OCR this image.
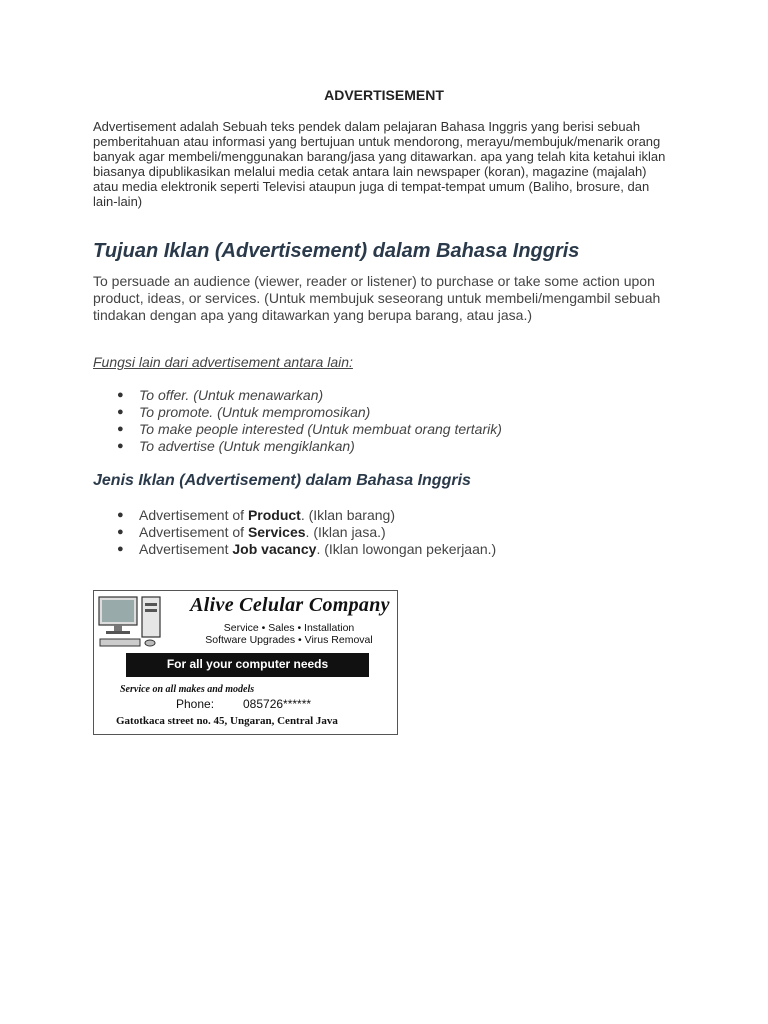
ADVERTISEMENT

Advertisement adalah Sebuah teks pendek dalam pelajaran Bahasa Inggris yang berisi sebuah pemberitahuan atau informasi yang bertujuan untuk mendorong, merayu/membujuk/menarik orang banyak agar membeli/menggunakan barang/jasa yang ditawarkan. apa yang telah kita ketahui iklan biasanya dipublikasikan melalui media cetak antara lain newspaper (koran), magazine (majalah) atau media elektronik seperti Televisi ataupun juga di tempat-tempat umum (Baliho, brosure, dan lain-lain)

Tujuan Iklan (Advertisement) dalam Bahasa Inggris

To persuade an audience (viewer, reader or listener) to purchase or take some action upon product, ideas, or services. (Untuk membujuk seseorang untuk membeli/mengambil sebuah tindakan dengan apa yang ditawarkan yang berupa barang, atau jasa.)

Fungsi lain dari advertisement antara lain:

● To offer. (Untuk menawarkan)
● To promote. (Untuk mempromosikan)
● To make people interested (Untuk membuat orang tertarik)
● To advertise (Untuk mengiklankan)
Jenis Iklan (Advertisement) dalam Bahasa Inggris
● Advertisement of Product. (Iklan barang)
● Advertisement of Services. (Iklan jasa.)
● Advertisement Job vacancy. (Iklan lowongan pekerjaan.)
Alive Celular Company
Service • Sales • Installation
Software Upgrades • Virus Removal
For all your computer needs
Service on all makes and models
Phone: 085726******
Gatotkaca street no. 45, Ungaran, Central Java
